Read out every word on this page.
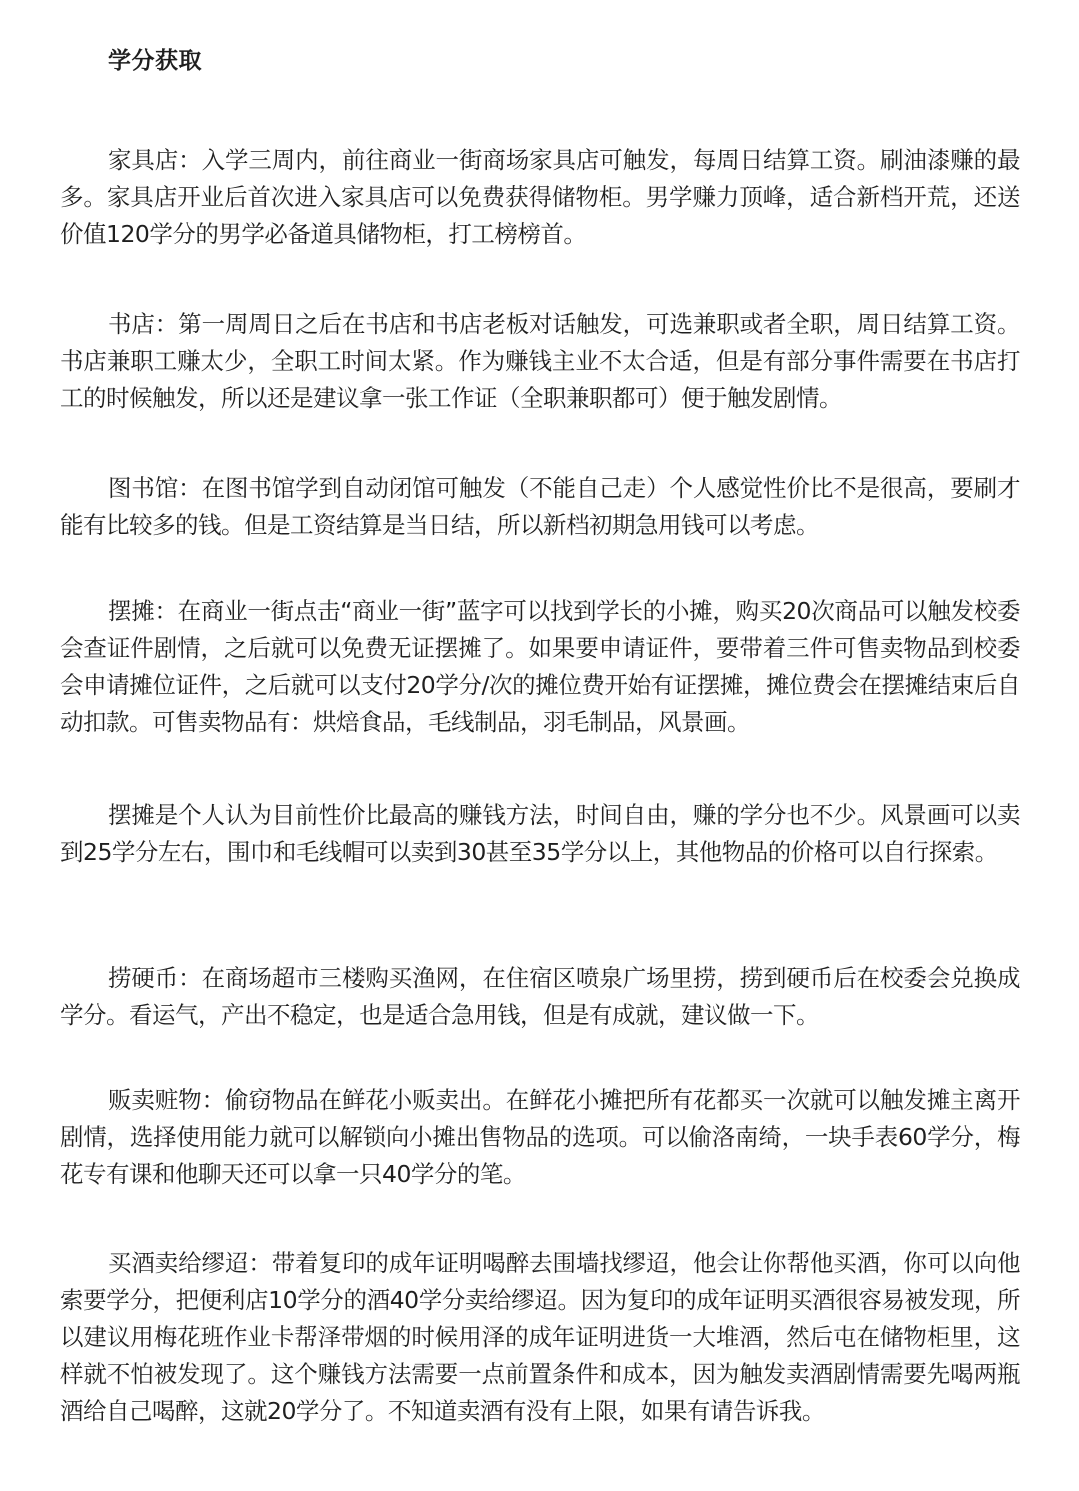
学分获取

家具店：入学三周内，前往商业一街商场家具店可触发，每周日结算工资。刷油漆赚的最多。家具店开业后首次进入家具店可以免费获得储物柜。男学赚力顶峰，适合新档开荒，还送价值120学分的男学必备道具储物柜，打工榜榜首。

书店：第一周周日之后在书店和书店老板对话触发，可选兼职或者全职，周日结算工资。书店兼职工赚太少，全职工时间太紧。作为赚钱主业不太合适，但是有部分事件需要在书店打工的时候触发，所以还是建议拿一张工作证（全职兼职都可）便于触发剧情。

图书馆：在图书馆学到自动闭馆可触发（不能自己走）个人感觉性价比不是很高，要刷才能有比较多的钱。但是工资结算是当日结，所以新档初期急用钱可以考虑。

摆摊：在商业一街点击“商业一街”蓝字可以找到学长的小摊，购买20次商品可以触发校委会查证件剧情，之后就可以免费无证摆摊了。如果要申请证件，要带着三件可售卖物品到校委会申请摊位证件，之后就可以支付20学分/次的摊位费开始有证摆摊，摊位费会在摆摊结束后自动扣款。可售卖物品有：烘焙食品，毛线制品，羽毛制品，风景画。

摆摊是个人认为目前性价比最高的赚钱方法，时间自由，赚的学分也不少。风景画可以卖到25学分左右，围巾和毛线帽可以卖到30甚至35学分以上，其他物品的价格可以自行探索。

捞硬币：在商场超市三楼购买渔网，在住宿区喷泉广场里捞，捞到硬币后在校委会兑换成学分。看运气，产出不稳定，也是适合急用钱，但是有成就，建议做一下。

贩卖赃物：偷窃物品在鲜花小贩卖出。在鲜花小摊把所有花都买一次就可以触发摊主离开剧情，选择使用能力就可以解锁向小摊出售物品的选项。可以偷洛南绮，一块手表60学分，梅花专有课和他聊天还可以拿一只40学分的笔。

买酒卖给缪迢：带着复印的成年证明喝醉去围墙找缪迢，他会让你帮他买酒，你可以向他索要学分，把便利店10学分的酒40学分卖给缪迢。因为复印的成年证明买酒很容易被发现，所以建议用梅花班作业卡帮泽带烟的时候用泽的成年证明进货一大堆酒，然后屯在储物柜里，这样就不怕被发现了。这个赚钱方法需要一点前置条件和成本，因为触发卖酒剧情需要先喝两瓶酒给自己喝醉，这就20学分了。不知道卖酒有没有上限，如果有请告诉我。
